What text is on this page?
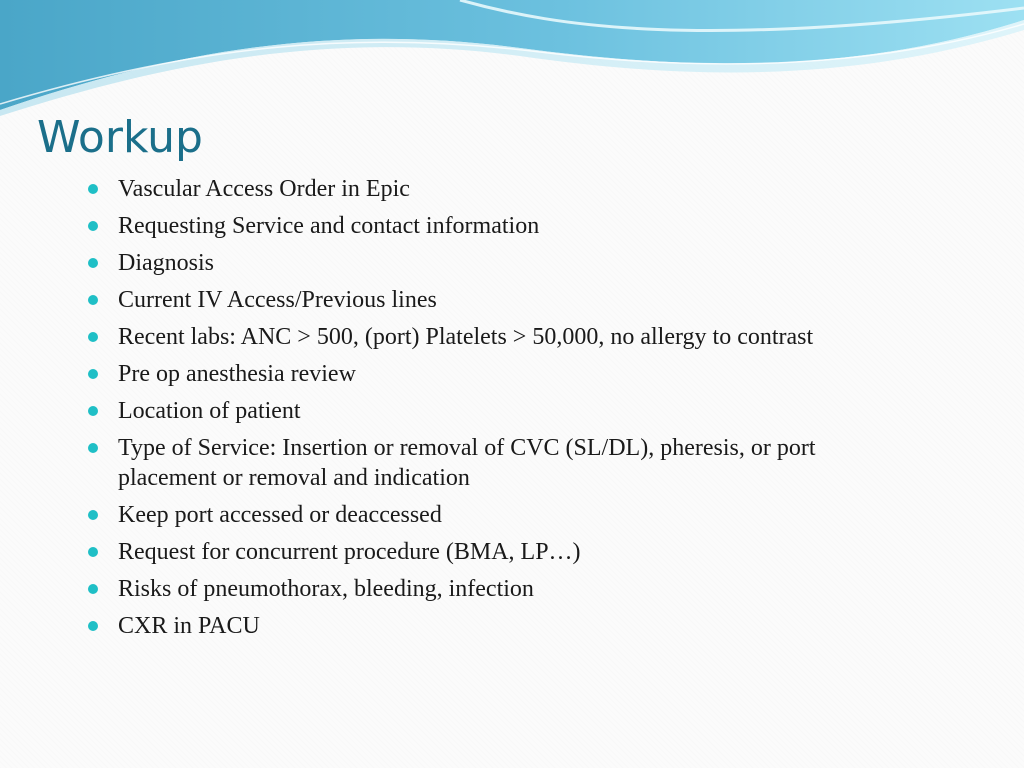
Workup
Vascular Access Order in Epic
Requesting Service and contact information
Diagnosis
Current IV Access/Previous lines
Recent labs: ANC > 500, (port) Platelets > 50,000, no allergy to contrast
Pre op anesthesia review
Location of patient
Type of Service: Insertion or removal of CVC (SL/DL), pheresis, or port placement or removal and indication
Keep port accessed or deaccessed
Request for concurrent procedure (BMA, LP…)
Risks of pneumothorax, bleeding, infection
CXR in PACU
